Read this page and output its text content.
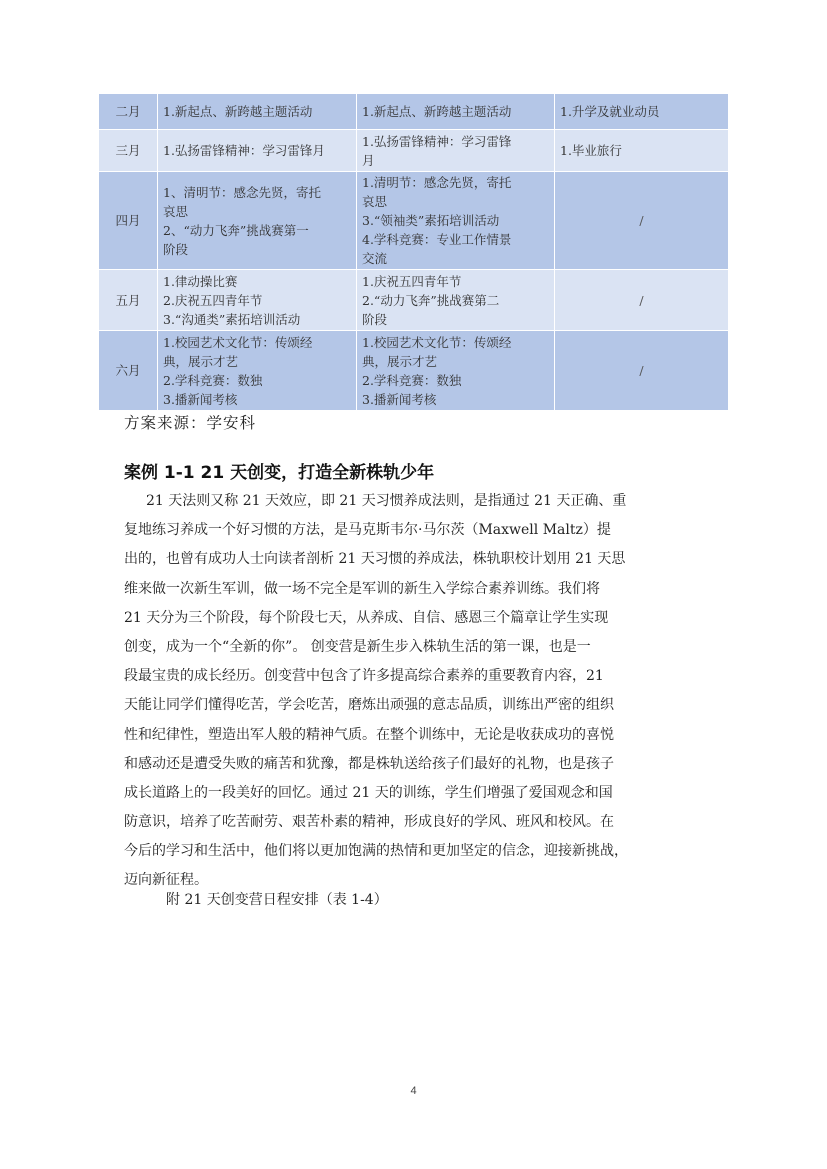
二月	1.新起点、新跨越主题活动	1.新起点、新跨越主题活动	1.升学及就业动员

三月	1.弘扬雷锋精神：学习雷锋月	1.弘扬雷锋精神：学习雷锋
月	1.毕业旅行

四月	1、清明节：感念先贤，寄托
哀思
2、“动力飞奔”挑战赛第一
阶段	1.清明节：感念先贤，寄托
哀思
3.“领袖类”素拓培训活动
4.学科竞赛：专业工作情景
交流	/

五月	1.律动操比赛
2.庆祝五四青年节
3.“沟通类”素拓培训活动	1.庆祝五四青年节
2.“动力飞奔”挑战赛第二
阶段	/

六月	1.校园艺术文化节：传颂经
典，展示才艺
2.学科竞赛：数独
3.播新闻考核	1.校园艺术文化节：传颂经
典，展示才艺
2.学科竞赛：数独
3.播新闻考核	/
方案来源：学安科
案例 1-1 21 天创变，打造全新株轨少年
21 天法则又称 21 天效应，即 21 天习惯养成法则，是指通过 21 天正确、重
复地练习养成一个好习惯的方法，是马克斯韦尔·马尔茨（Maxwell Maltz）提
出的，也曾有成功人士向读者剖析 21 天习惯的养成法，株轨职校计划用 21 天思
维来做一次新生军训，做一场不完全是军训的新生入学综合素养训练。我们将
21 天分为三个阶段，每个阶段七天，从养成、自信、感恩三个篇章让学生实现
创变，成为一个“全新的你”。 创变营是新生步入株轨生活的第一课，也是一
段最宝贵的成长经历。创变营中包含了许多提高综合素养的重要教育内容，21
天能让同学们懂得吃苦，学会吃苦，磨炼出顽强的意志品质，训练出严密的组织
性和纪律性，塑造出军人般的精神气质。在整个训练中，无论是收获成功的喜悦
和感动还是遭受失败的痛苦和犹豫，都是株轨送给孩子们最好的礼物，也是孩子
成长道路上的一段美好的回忆。通过 21 天的训练，学生们增强了爱国观念和国
防意识，培养了吃苦耐劳、艰苦朴素的精神，形成良好的学风、班风和校风。在
今后的学习和生活中，他们将以更加饱满的热情和更加坚定的信念，迎接新挑战，
迈向新征程。
附 21 天创变营日程安排（表 1-4）
4
